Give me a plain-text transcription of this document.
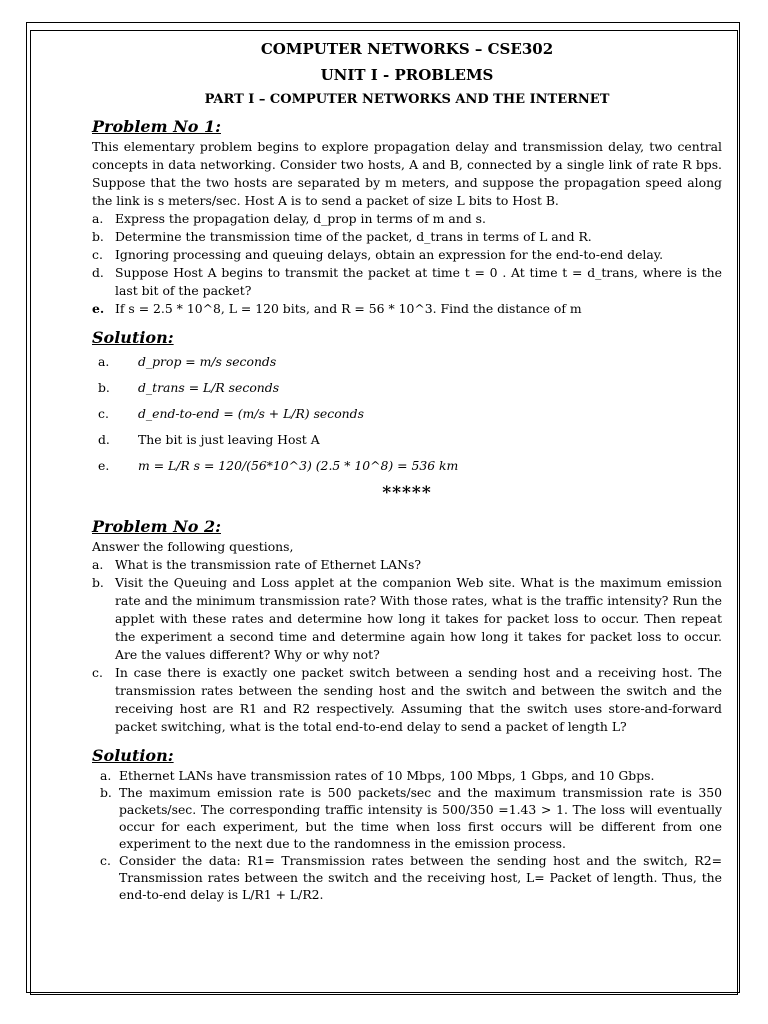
COMPUTER NETWORKS – CSE302
UNIT I - PROBLEMS
PART I – COMPUTER NETWORKS AND THE INTERNET
Problem No 1:

This elementary problem begins to explore propagation delay and transmission delay, two central concepts in data networking. Consider two hosts, A and B, connected by a single link of rate R bps. Suppose that the two hosts are separated by m meters, and suppose the propagation speed along the link is s meters/sec. Host A is to send a packet of size L bits to Host B.

a. Express the propagation delay, d_prop in terms of m and s.
b. Determine the transmission time of the packet, d_trans in terms of L and R.
c. Ignoring processing and queuing delays, obtain an expression for the end-to-end delay.
d. Suppose Host A begins to transmit the packet at time t = 0 . At time t = d_trans, where is the last bit of the packet?
e. If s = 2.5 * 10^8, L = 120 bits, and R = 56 * 10^3. Find the distance of m
Solution:
a. d_prop = m/s seconds
b. d_trans = L/R seconds
c. d_end-to-end = (m/s + L/R) seconds
d. The bit is just leaving Host A
e. m = L/R s = 120/(56*10^3) (2.5 * 10^8) = 536 km
*****
Problem No 2:

Answer the following questions,

a. What is the transmission rate of Ethernet LANs?
b. Visit the Queuing and Loss applet at the companion Web site. What is the maximum emission rate and the minimum transmission rate? With those rates, what is the traffic intensity? Run the applet with these rates and determine how long it takes for packet loss to occur. Then repeat the experiment a second time and determine again how long it takes for packet loss to occur. Are the values different? Why or why not?
c. In case there is exactly one packet switch between a sending host and a receiving host. The transmission rates between the sending host and the switch and between the switch and the receiving host are R1 and R2 respectively. Assuming that the switch uses store-and-forward packet switching, what is the total end-to-end delay to send a packet of length L?
Solution:
a. Ethernet LANs have transmission rates of 10 Mbps, 100 Mbps, 1 Gbps, and 10 Gbps.
b. The maximum emission rate is 500 packets/sec and the maximum transmission rate is 350 packets/sec. The corresponding traffic intensity is 500/350 =1.43 > 1. The loss will eventually occur for each experiment, but the time when loss first occurs will be different from one experiment to the next due to the randomness in the emission process.
c. Consider the data: R1= Transmission rates between the sending host and the switch, R2= Transmission rates between the switch and the receiving host, L= Packet of length. Thus, the end-to-end delay is L/R1 + L/R2.
